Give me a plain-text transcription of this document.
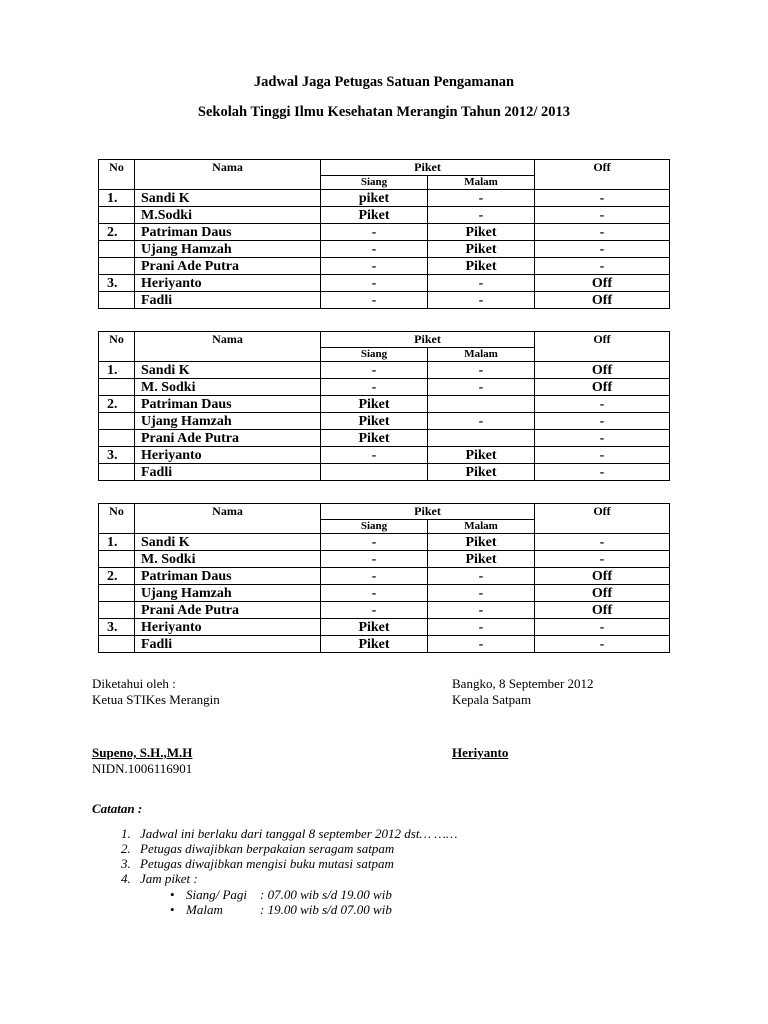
Jadwal Jaga Petugas Satuan Pengamanan
Sekolah Tinggi Ilmu Kesehatan Merangin Tahun 2012/ 2013
No	Nama	Piket		Off
		Siang	Malam	
1.	Sandi K	piket	-	-
	M.Sodki	Piket	-	-
2.	Patriman Daus	-	Piket	-
	Ujang Hamzah	-	Piket	-
	Prani Ade Putra	-	Piket	-
3.	Heriyanto	-	-	Off
	Fadli	-	-	Off
No	Nama	Piket		Off
		Siang	Malam	
1.	Sandi K	-	-	Off
	M. Sodki	-	-	Off
2.	Patriman Daus	Piket		-
	Ujang Hamzah	Piket	-	-
	Prani Ade Putra	Piket		-
3.	Heriyanto	-	Piket	-
	Fadli		Piket	-
No	Nama	Piket		Off
		Siang	Malam	
1.	Sandi K	-	Piket	-
	M. Sodki	-	Piket	-
2.	Patriman Daus	-	-	Off
	Ujang Hamzah	-	-	Off
	Prani Ade Putra	-	-	Off
3.	Heriyanto	Piket	-	-
	Fadli	Piket	-	-
Diketahui oleh :
Ketua STIKes Merangin
Bangko, 8 September 2012
Kepala Satpam
Supeno, S.H.,M.H
NIDN.1006116901
Heriyanto
Catatan :
1. Jadwal ini berlaku dari tanggal 8 september 2012 dst… ……
2. Petugas diwajibkan berpakaian seragam satpam
3. Petugas diwajibkan mengisi buku mutasi satpam
4. Jam piket :
• Siang/ Pagi : 07.00 wib s/d 19.00 wib
• Malam	: 19.00 wib s/d 07.00 wib
